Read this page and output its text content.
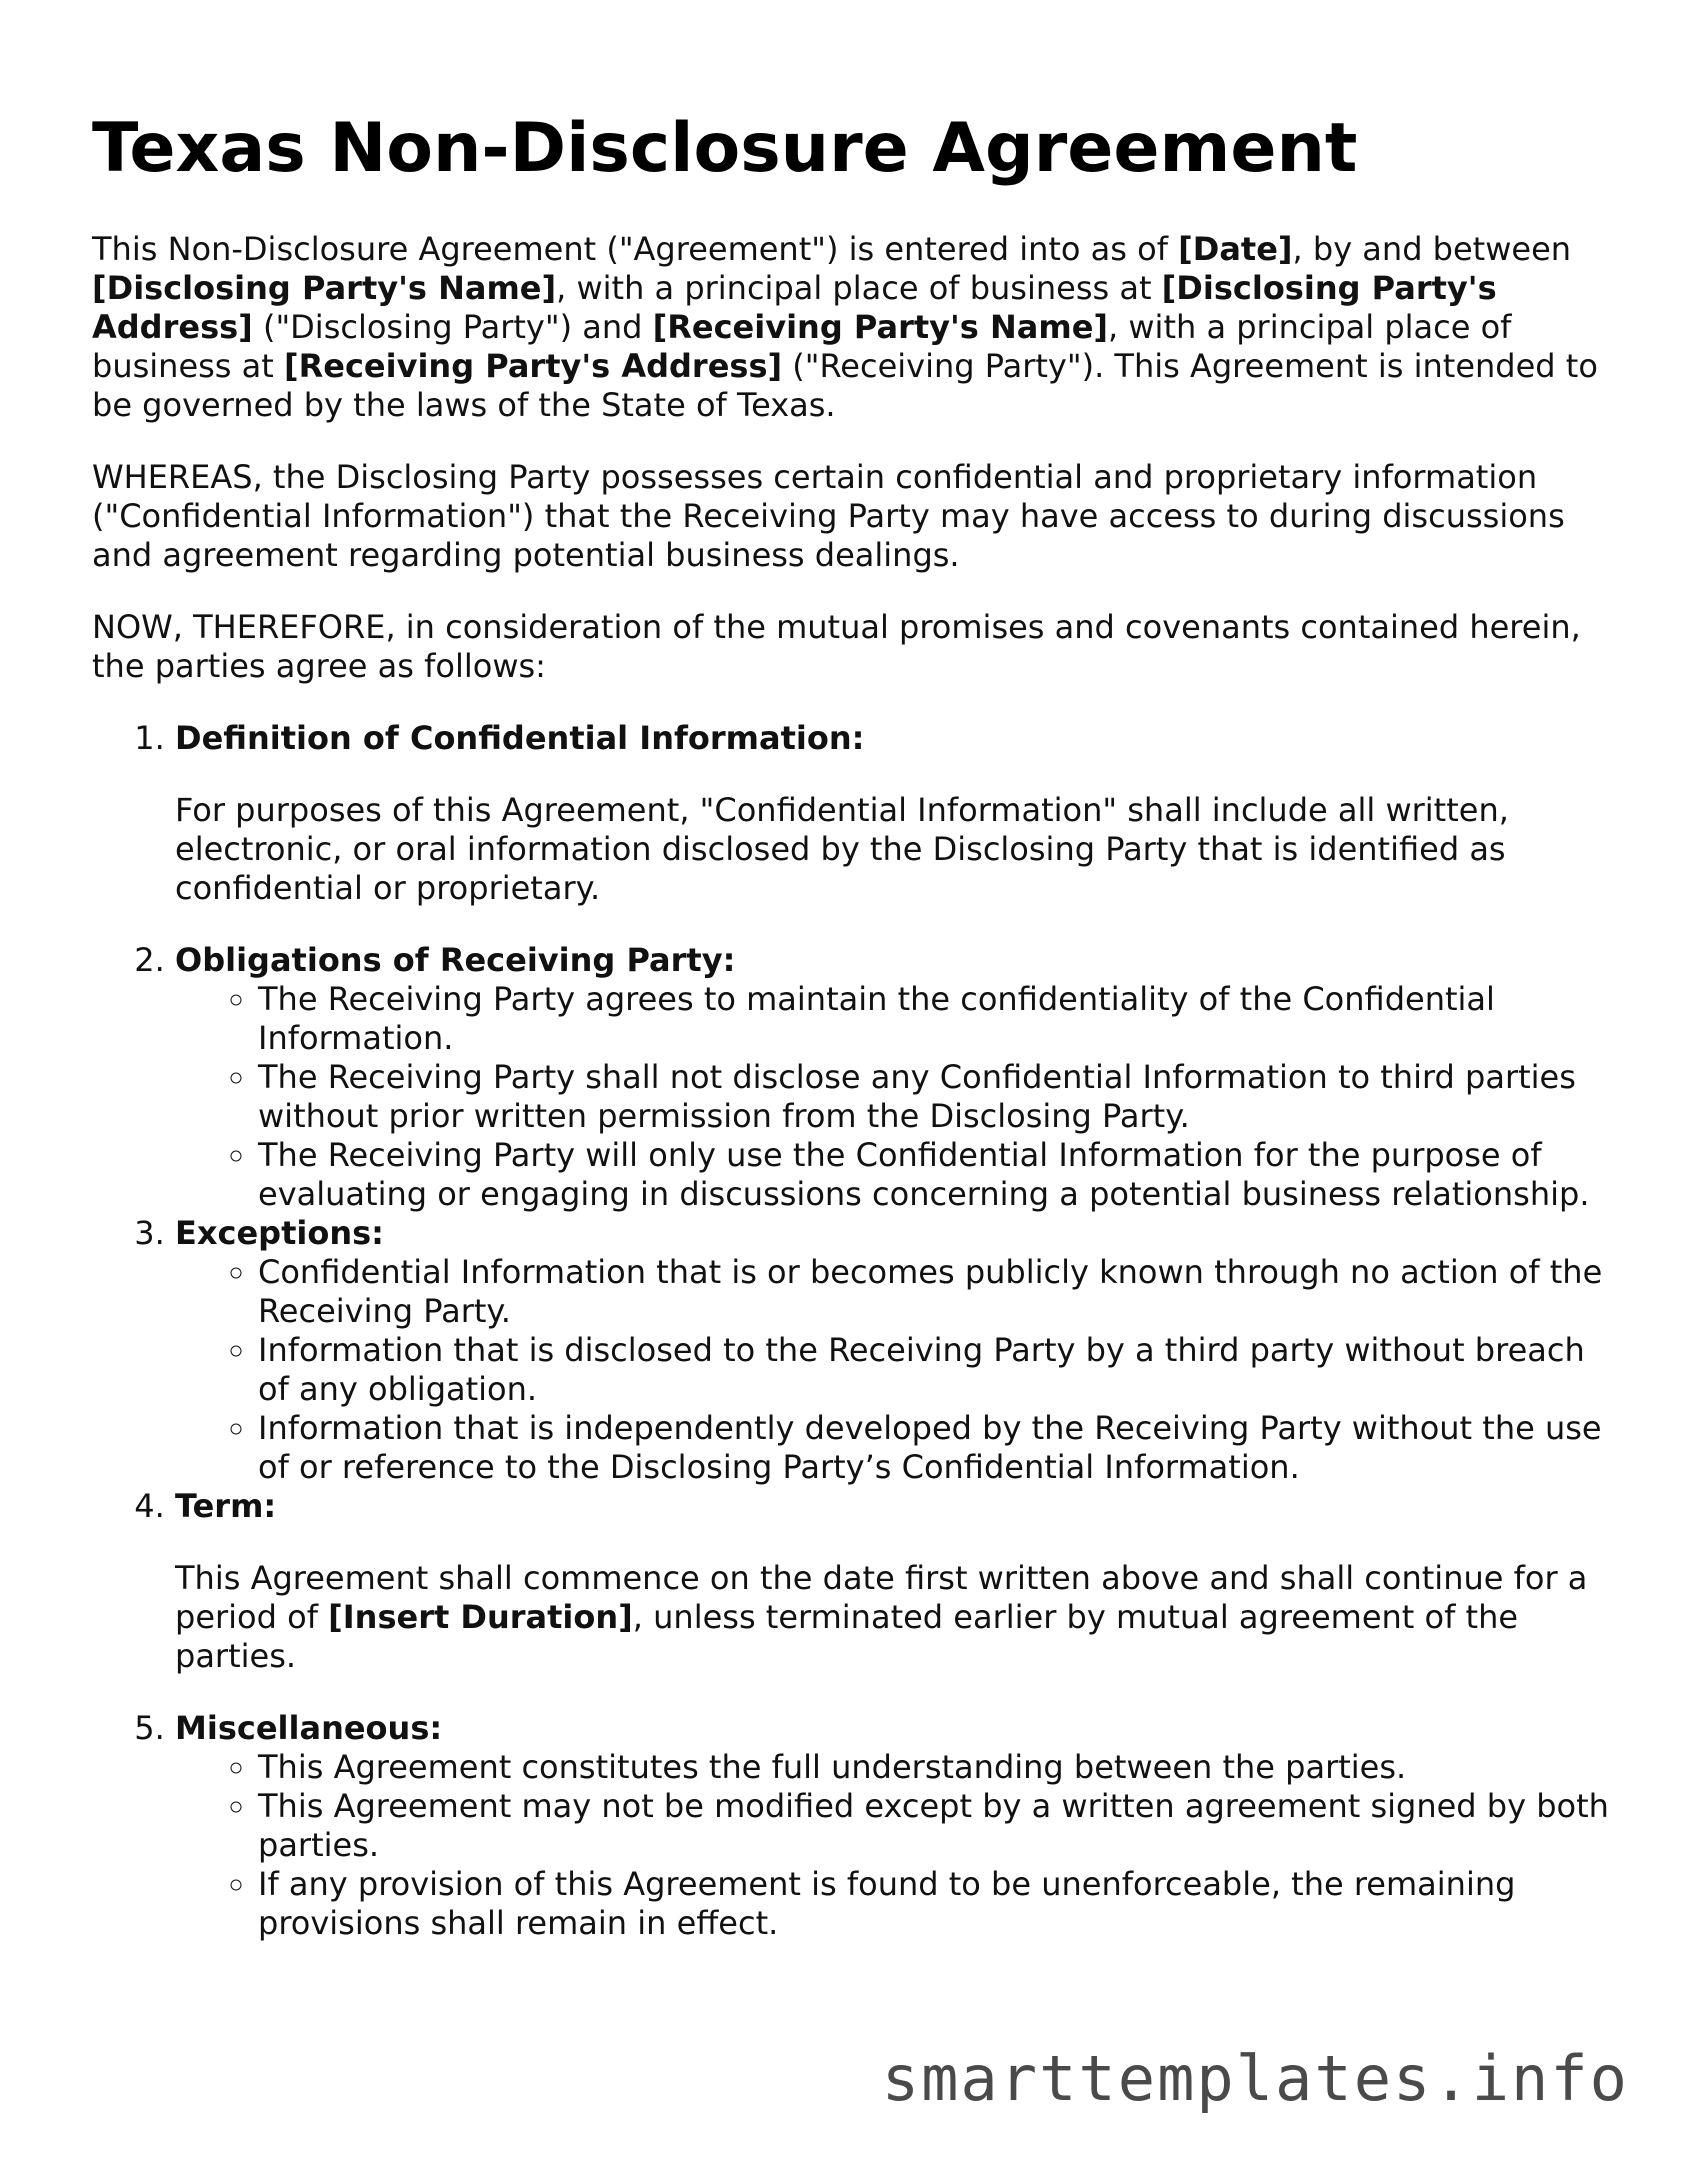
Texas Non-Disclosure Agreement

This Non-Disclosure Agreement ("Agreement") is entered into as of [Date], by and between [Disclosing Party's Name], with a principal place of business at [Disclosing Party's Address] ("Disclosing Party") and [Receiving Party's Name], with a principal place of business at [Receiving Party's Address] ("Receiving Party"). This Agreement is intended to be governed by the laws of the State of Texas.

WHEREAS, the Disclosing Party possesses certain confidential and proprietary information ("Confidential Information") that the Receiving Party may have access to during discussions and agreement regarding potential business dealings.

NOW, THEREFORE, in consideration of the mutual promises and covenants contained herein, the parties agree as follows:

1. Definition of Confidential Information:

For purposes of this Agreement, "Confidential Information" shall include all written, electronic, or oral information disclosed by the Disclosing Party that is identified as confidential or proprietary.

2. Obligations of Receiving Party:
◦ The Receiving Party agrees to maintain the confidentiality of the Confidential Information.
◦ The Receiving Party shall not disclose any Confidential Information to third parties without prior written permission from the Disclosing Party.
◦ The Receiving Party will only use the Confidential Information for the purpose of evaluating or engaging in discussions concerning a potential business relationship.
3. Exceptions:
◦ Confidential Information that is or becomes publicly known through no action of the Receiving Party.
◦ Information that is disclosed to the Receiving Party by a third party without breach of any obligation.
◦ Information that is independently developed by the Receiving Party without the use of or reference to the Disclosing Party’s Confidential Information.
4. Term:

This Agreement shall commence on the date first written above and shall continue for a period of [Insert Duration], unless terminated earlier by mutual agreement of the parties.

5. Miscellaneous:
◦ This Agreement constitutes the full understanding between the parties.
◦ This Agreement may not be modified except by a written agreement signed by both parties.
◦ If any provision of this Agreement is found to be unenforceable, the remaining provisions shall remain in effect.
smarttemplates.info
